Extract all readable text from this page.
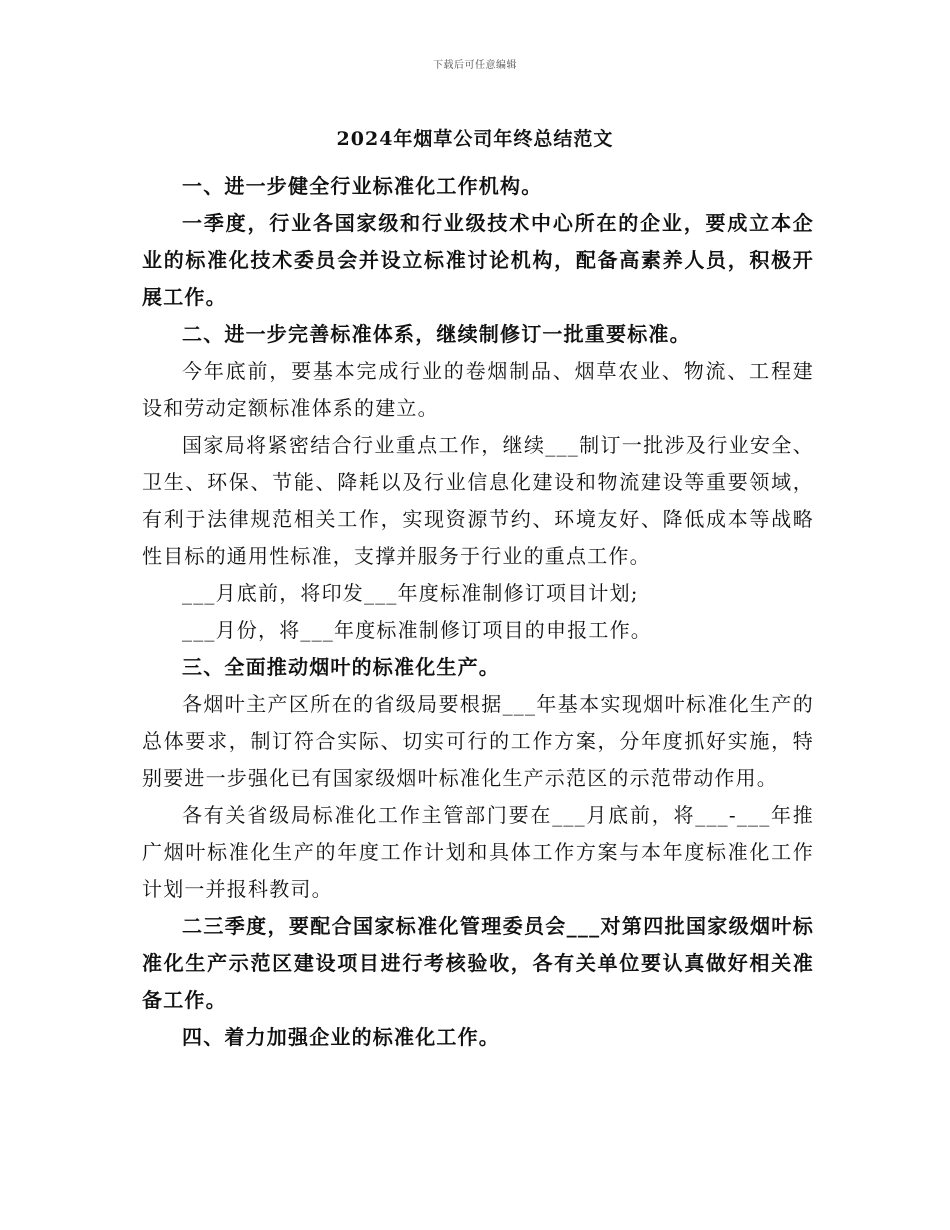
下载后可任意编辑
2024年烟草公司年终总结范文

一、进一步健全行业标准化工作机构。

一季度，行业各国家级和行业级技术中心所在的企业，要成立本企业的标准化技术委员会并设立标准讨论机构，配备高素养人员，积极开展工作。

二、进一步完善标准体系，继续制修订一批重要标准。

今年底前，要基本完成行业的卷烟制品、烟草农业、物流、工程建设和劳动定额标准体系的建立。

国家局将紧密结合行业重点工作，继续___制订一批涉及行业安全、卫生、环保、节能、降耗以及行业信息化建设和物流建设等重要领域，有利于法律规范相关工作，实现资源节约、环境友好、降低成本等战略性目标的通用性标准，支撑并服务于行业的重点工作。

___月底前，将印发___年度标准制修订项目计划;

___月份，将___年度标准制修订项目的申报工作。

三、全面推动烟叶的标准化生产。

各烟叶主产区所在的省级局要根据___年基本实现烟叶标准化生产的总体要求，制订符合实际、切实可行的工作方案，分年度抓好实施，特别要进一步强化已有国家级烟叶标准化生产示范区的示范带动作用。

各有关省级局标准化工作主管部门要在___月底前，将___-___年推广烟叶标准化生产的年度工作计划和具体工作方案与本年度标准化工作计划一并报科教司。

二三季度，要配合国家标准化管理委员会___对第四批国家级烟叶标准化生产示范区建设项目进行考核验收，各有关单位要认真做好相关准备工作。

四、着力加强企业的标准化工作。
